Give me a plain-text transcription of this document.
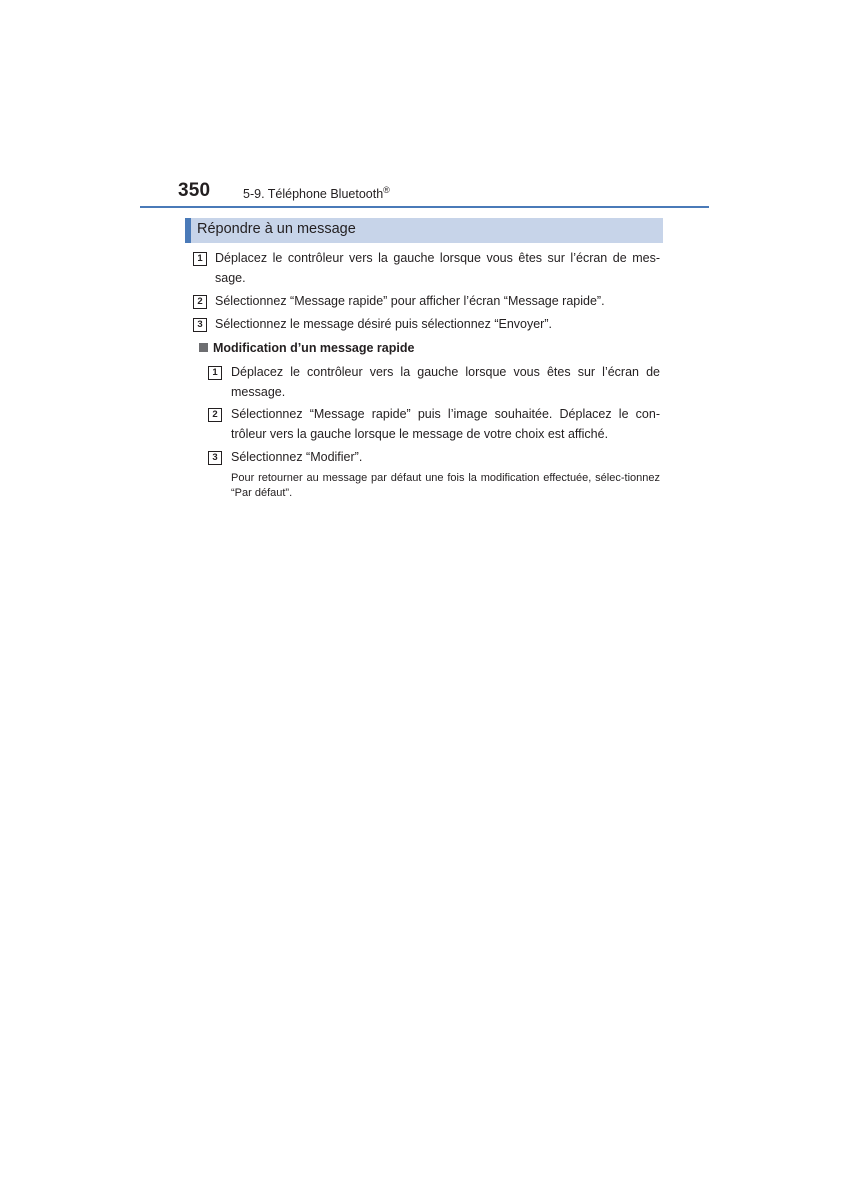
350	5-9. Téléphone Bluetooth®
Répondre à un message
1 Déplacez le contrôleur vers la gauche lorsque vous êtes sur l’écran de mes-sage.
2 Sélectionnez “Message rapide” pour afficher l’écran “Message rapide”.
3 Sélectionnez le message désiré puis sélectionnez “Envoyer”.
Modification d’un message rapide
1	Déplacez le contrôleur vers la gauche lorsque vous êtes sur l’écran de message.
2	Sélectionnez “Message rapide” puis l’image souhaitée. Déplacez le con-trôleur vers la gauche lorsque le message de votre choix est affiché.
3	Sélectionnez “Modifier”.
Pour retourner au message par défaut une fois la modification effectuée, sélec-tionnez “Par défaut”.
